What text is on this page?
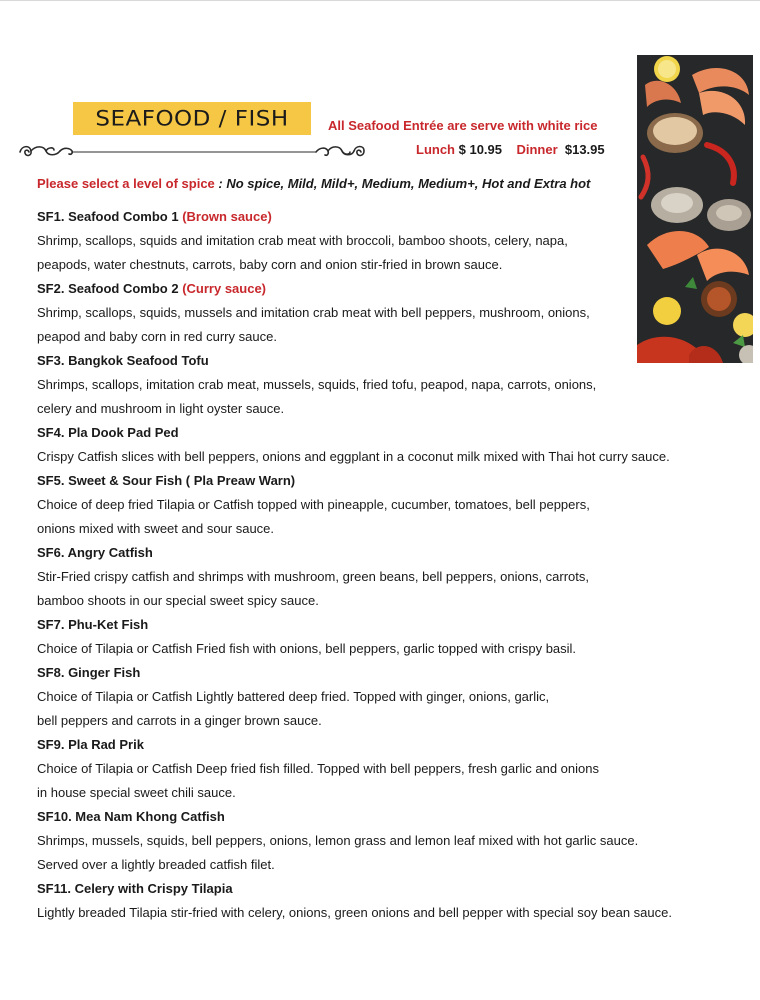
SEAFOOD / FISH	All Seafood Entrée are serve with white rice
Lunch $ 10.95 Dinner $13.95
Please select a level of spice : No spice, Mild, Mild+, Medium, Medium+, Hot and Extra hot
SF1. Seafood Combo 1 (Brown sauce)
Shrimp, scallops, squids and imitation crab meat with broccoli, bamboo shoots, celery, napa,
peapods, water chestnuts, carrots, baby corn and onion stir-fried in brown sauce.
SF2. Seafood Combo 2 (Curry sauce)
Shrimp, scallops, squids, mussels and imitation crab meat with bell peppers, mushroom, onions,
peapod and baby corn in red curry sauce.
SF3. Bangkok Seafood Tofu
Shrimps, scallops, imitation crab meat, mussels, squids, fried tofu, peapod, napa, carrots, onions,
celery and mushroom in light oyster sauce.
SF4. Pla Dook Pad Ped
Crispy Catfish slices with bell peppers, onions and eggplant in a coconut milk mixed with Thai hot curry sauce.
SF5. Sweet & Sour Fish ( Pla Preaw Warn)
Choice of deep fried Tilapia or Catfish topped with pineapple, cucumber, tomatoes, bell peppers,
onions mixed with sweet and sour sauce.
SF6. Angry Catfish
Stir-Fried crispy catfish and shrimps with mushroom, green beans, bell peppers, onions, carrots,
bamboo shoots in our special sweet spicy sauce.
SF7. Phu-Ket Fish
Choice of Tilapia or Catfish Fried fish with onions, bell peppers, garlic topped with crispy basil.
SF8. Ginger Fish
Choice of Tilapia or Catfish Lightly battered deep fried. Topped with ginger, onions, garlic,
bell peppers and carrots in a ginger brown sauce.
SF9. Pla Rad Prik
Choice of Tilapia or Catfish Deep fried fish filled. Topped with bell peppers, fresh garlic and onions
in house special sweet chili sauce.
SF10. Mea Nam Khong Catfish
Shrimps, mussels, squids, bell peppers, onions, lemon grass and lemon leaf mixed with hot garlic sauce.
Served over a lightly breaded catfish filet.
SF11. Celery with Crispy Tilapia
Lightly breaded Tilapia stir-fried with celery, onions, green onions and bell pepper with special soy bean sauce.
